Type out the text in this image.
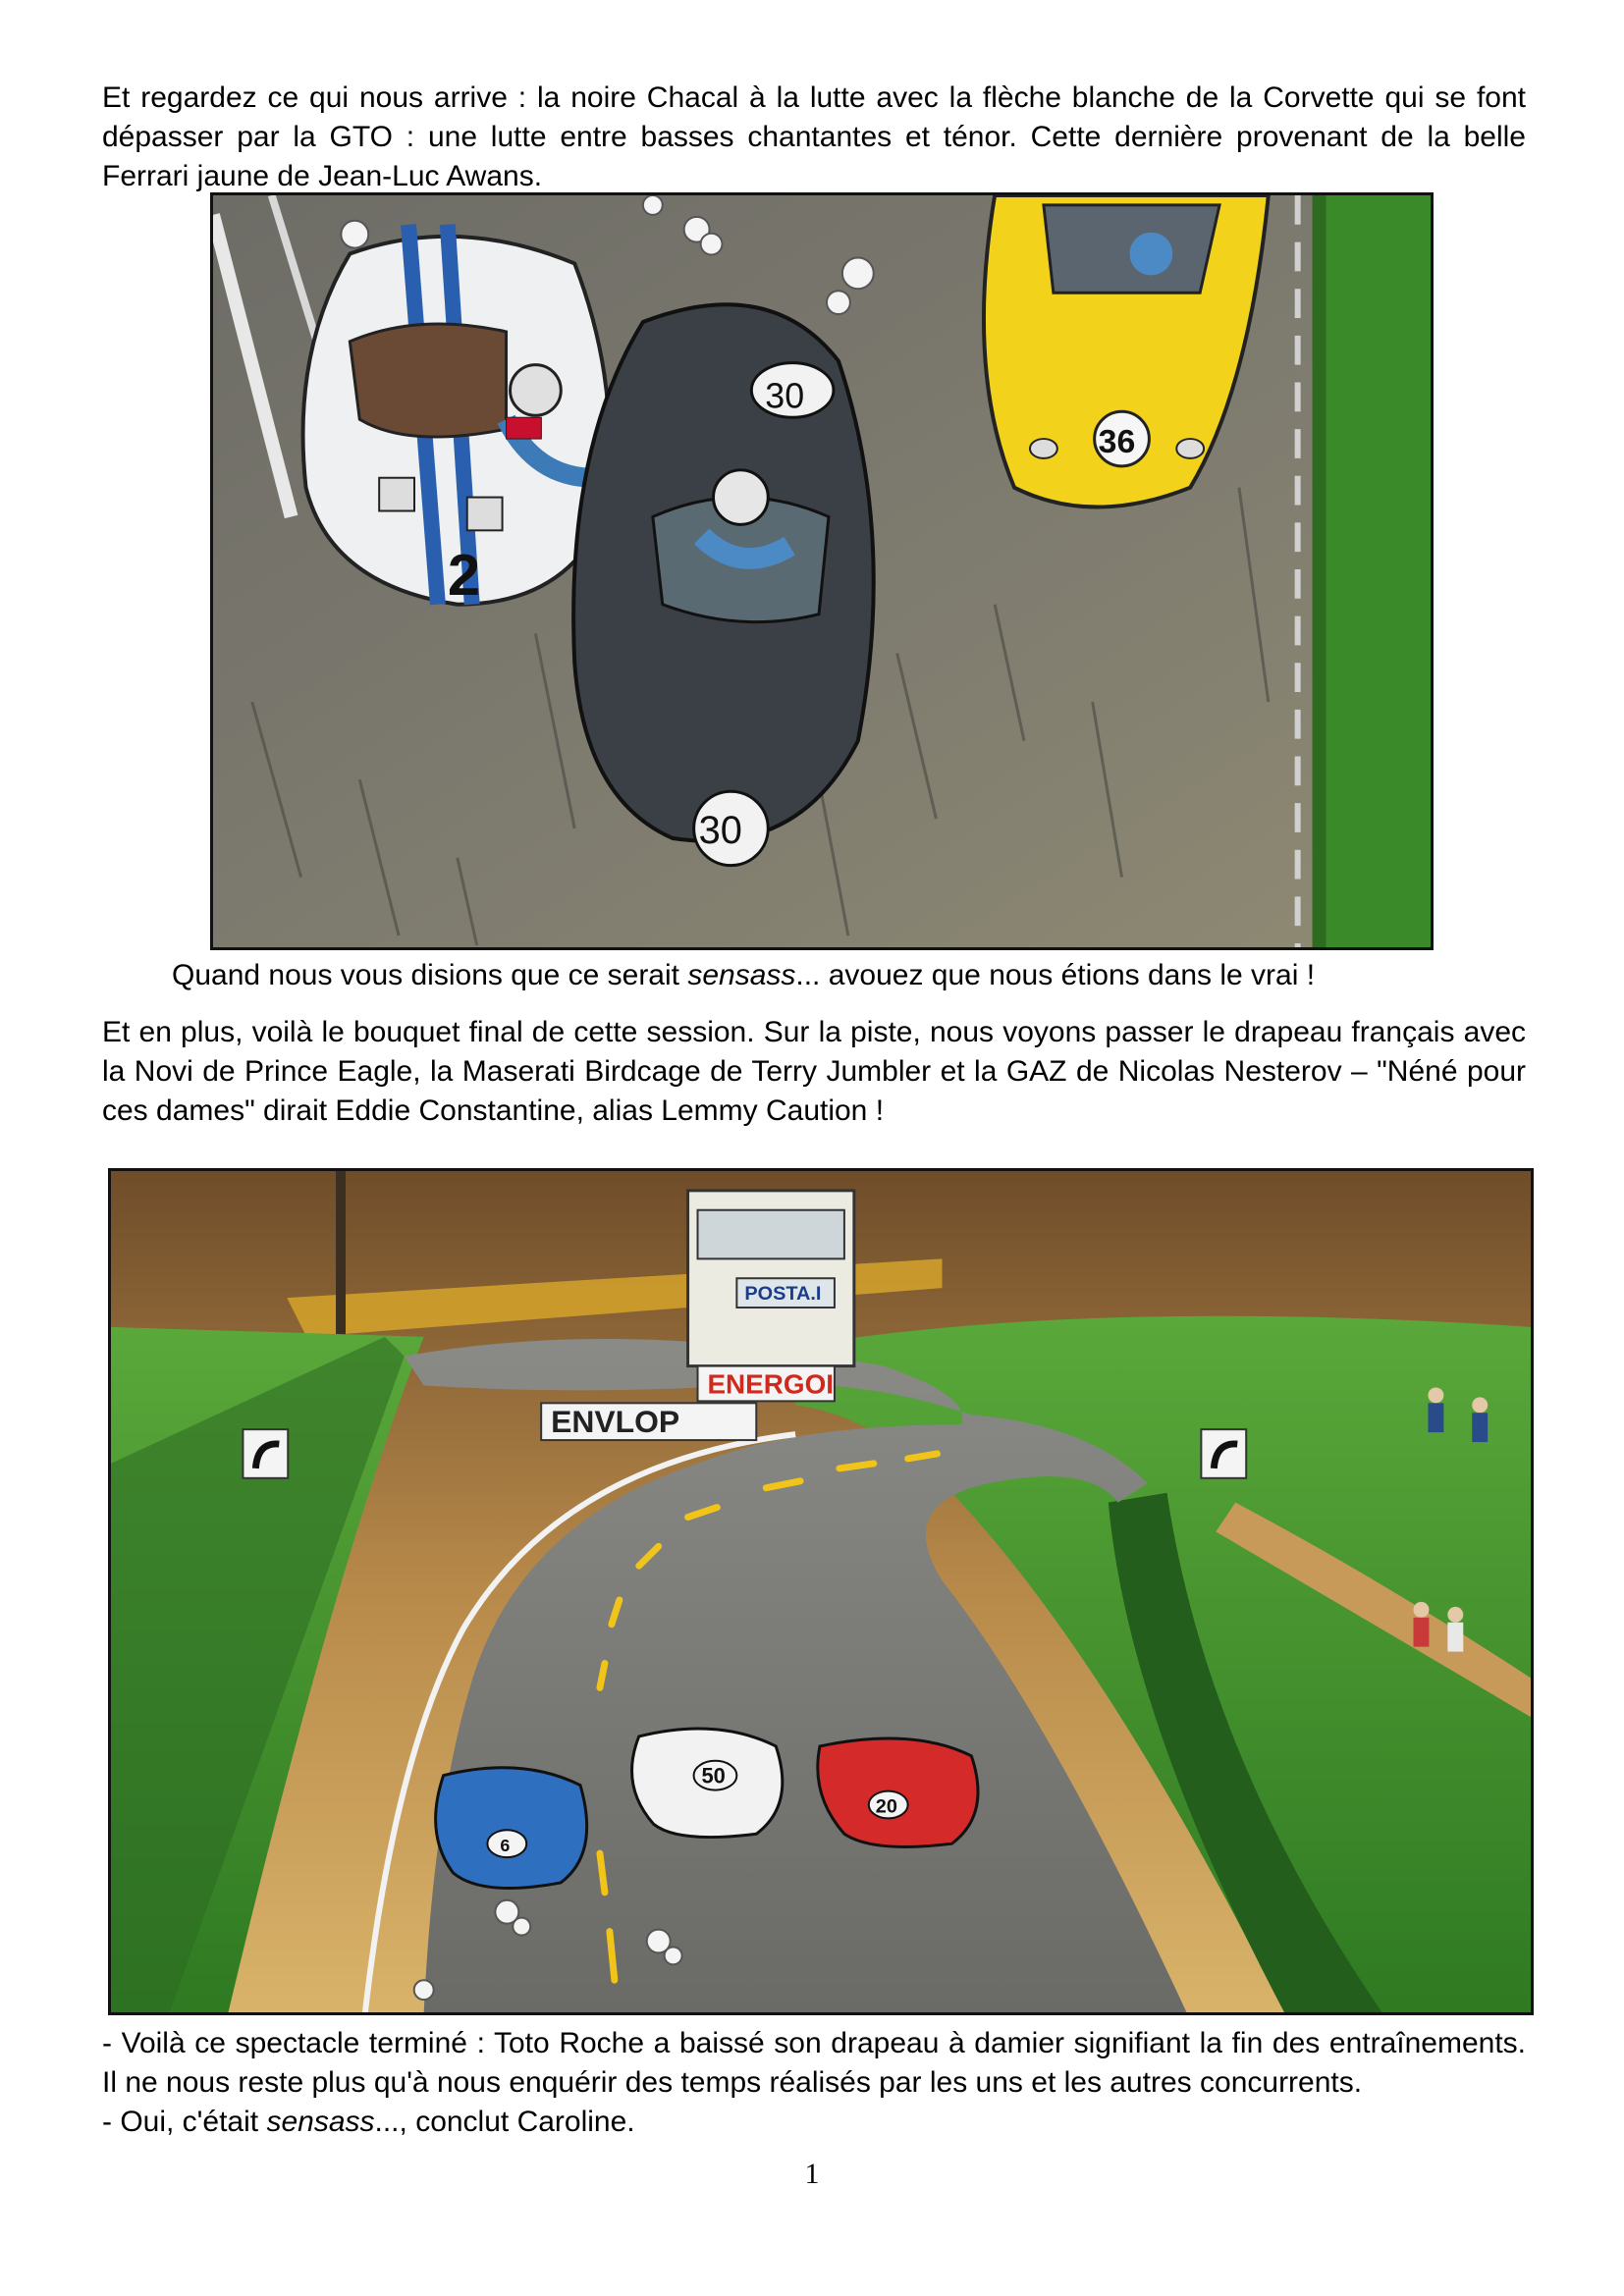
Et regardez ce qui nous arrive : la noire Chacal à la lutte avec la flèche blanche de la Corvette qui se font dépasser par la GTO : une lutte entre basses chantantes et ténor. Cette dernière provenant de la belle Ferrari jaune de Jean-Luc Awans.

2
30
30
36

Quand nous vous disions que ce serait sensass... avouez que nous étions dans le vrai !

Et en plus, voilà le bouquet final de cette session. Sur la piste, nous voyons passer le drapeau français avec la Novi de Prince Eagle, la Maserati Birdcage de Terry Jumbler et la GAZ de Nicolas Nesterov – "Néné pour ces dames" dirait Eddie Constantine, alias Lemmy Caution !

POSTA.I
ENERGOI
ENVLOP
6
50
20

- Voilà ce spectacle terminé : Toto Roche a baissé son drapeau à damier signifiant la fin des entraînements. Il ne nous reste plus qu'à nous enquérir des temps réalisés par les uns et les autres concurrents.

- Oui, c'était sensass..., conclut Caroline.

1
